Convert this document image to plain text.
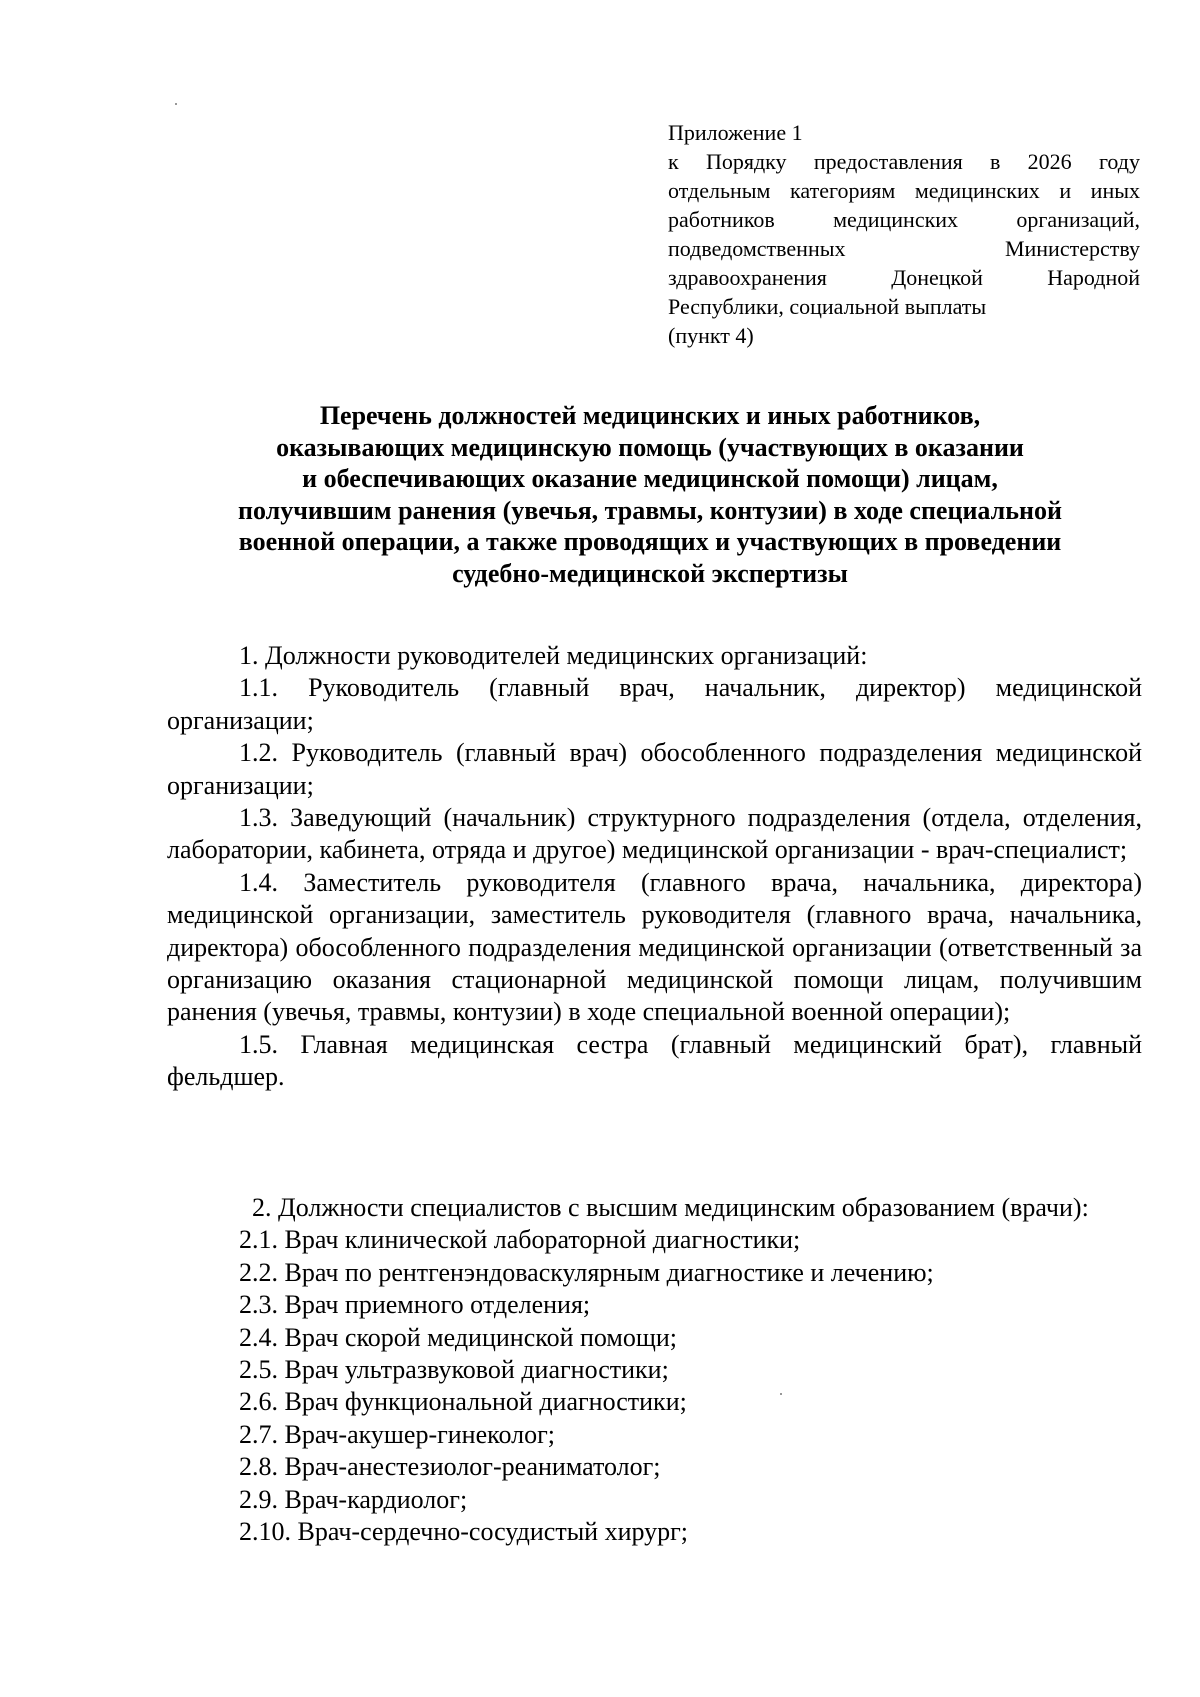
Приложение 1
к Порядку предоставления в 2026 году
отдельным категориям медицинских и иных
работников медицинских организаций,
подведомственных Министерству
здравоохранения Донецкой Народной
Республики, социальной выплаты
(пункт 4)
Перечень должностей медицинских и иных работников,
оказывающих медицинскую помощь (участвующих в оказании
и обеспечивающих оказание медицинской помощи) лицам,
получившим ранения (увечья, травмы, контузии) в ходе специальной
военной операции, а также проводящих и участвующих в проведении
судебно-медицинской экспертизы

1. Должности руководителей медицинских организаций:

1.1. Руководитель (главный врач, начальник, директор) медицинской организации;

1.2. Руководитель (главный врач) обособленного подразделения медицинской организации;

1.3. Заведующий (начальник) структурного подразделения (отдела, отделения, лаборатории, кабинета, отряда и другое) медицинской организации - врач-специалист;

1.4. Заместитель руководителя (главного врача, начальника, директора) медицинской организации, заместитель руководителя (главного врача, начальника, директора) обособленного подразделения медицинской организации (ответственный за организацию оказания стационарной медицинской помощи лицам, получившим ранения (увечья, травмы, контузии) в ходе специальной военной операции);

1.5. Главная медицинская сестра (главный медицинский брат), главный фельдшер.

2. Должности специалистов с высшим медицинским образованием (врачи):

2.1. Врач клинической лабораторной диагностики;

2.2. Врач по рентгенэндоваскулярным диагностике и лечению;

2.3. Врач приемного отделения;

2.4. Врач скорой медицинской помощи;

2.5. Врач ультразвуковой диагностики;

2.6. Врач функциональной диагностики;

2.7. Врач-акушер-гинеколог;

2.8. Врач-анестезиолог-реаниматолог;

2.9. Врач-кардиолог;

2.10. Врач-сердечно-сосудистый хирург;
